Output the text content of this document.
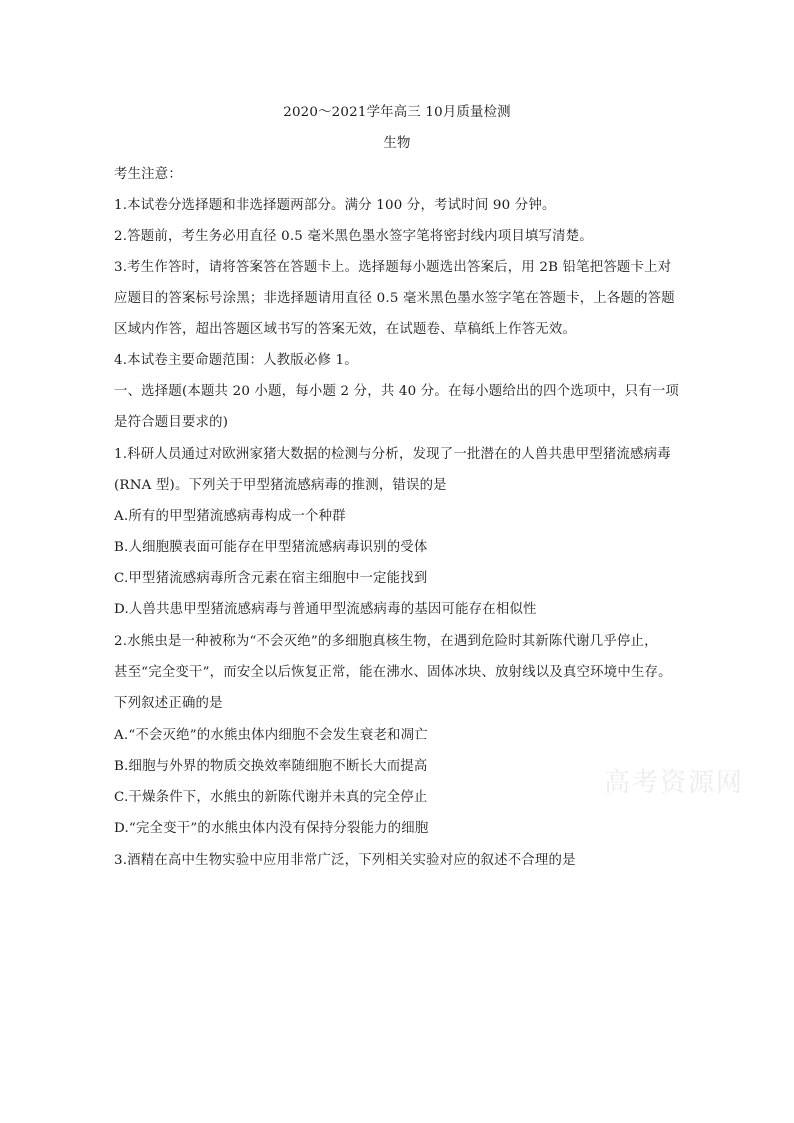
2020～2021学年高三 10月质量检测
生物
考生注意：
1.本试卷分选择题和非选择题两部分。满分 100 分，考试时间 90 分钟。
2.答题前，考生务必用直径 0.5 毫米黑色墨水签字笔将密封线内项目填写清楚。
3.考生作答时，请将答案答在答题卡上。选择题每小题选出答案后，用 2B 铅笔把答题卡上对
应题目的答案标号涂黑；非选择题请用直径 0.5 毫米黑色墨水签字笔在答题卡，上各题的答题
区域内作答，超出答题区域书写的答案无效，在试题卷、草稿纸上作答无效。
4.本试卷主要命题范围：人教版必修 1。
一、选择题(本题共 20 小题，每小题 2 分，共 40 分。在每小题给出的四个选项中，只有一项
是符合题目要求的)
1.科研人员通过对欧洲家猪大数据的检测与分析，发现了一批潜在的人兽共患甲型猪流感病毒
(RNA 型)。下列关于甲型猪流感病毒的推测，错误的是
A.所有的甲型猪流感病毒构成一个种群
B.人细胞膜表面可能存在甲型猪流感病毒识别的受体
C.甲型猪流感病毒所含元素在宿主细胞中一定能找到
D.人兽共患甲型猪流感病毒与普通甲型流感病毒的基因可能存在相似性
2.水熊虫是一种被称为“不会灭绝”的多细胞真核生物，在遇到危险时其新陈代谢几乎停止，
甚至“完全变干”，而安全以后恢复正常，能在沸水、固体冰块、放射线以及真空环境中生存。
下列叙述正确的是
A.“不会灭绝”的水熊虫体内细胞不会发生衰老和凋亡
B.细胞与外界的物质交换效率随细胞不断长大而提高
C.干燥条件下，水熊虫的新陈代谢并未真的完全停止
D.“完全变干”的水熊虫体内没有保持分裂能力的细胞
3.酒精在高中生物实验中应用非常广泛，下列相关实验对应的叙述不合理的是
高考资源网
